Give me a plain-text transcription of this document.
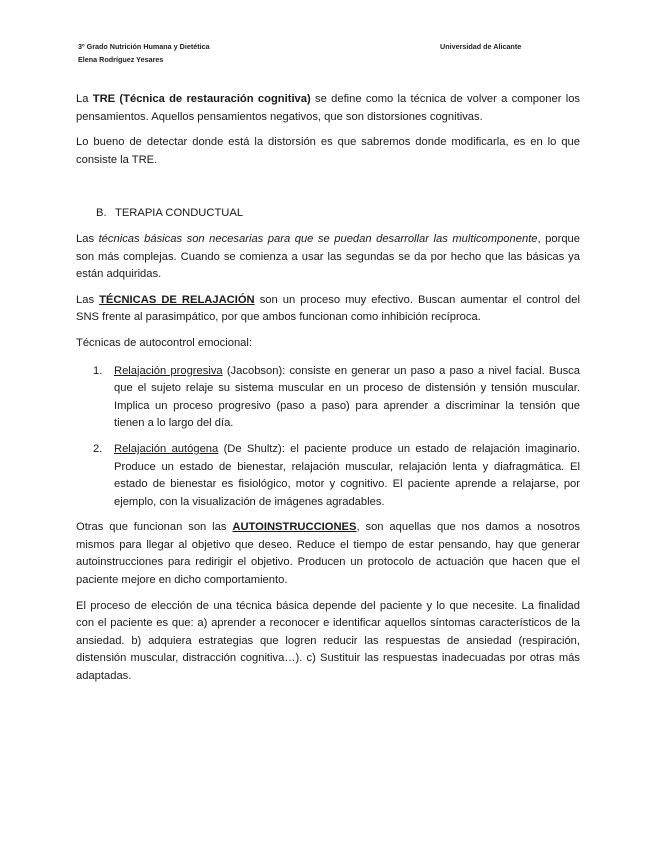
3º Grado Nutrición Humana y Dietética
Elena Rodríguez Yesares
Universidad de Alicante

La TRE (Técnica de restauración cognitiva) se define como la técnica de volver a componer los pensamientos. Aquellos pensamientos negativos, que son distorsiones cognitivas.

Lo bueno de detectar donde está la distorsión es que sabremos donde modificarla, es en lo que consiste la TRE.

B. TERAPIA CONDUCTUAL

Las técnicas básicas son necesarias para que se puedan desarrollar las multicomponente, porque son más complejas. Cuando se comienza a usar las segundas se da por hecho que las básicas ya están adquiridas.

Las TÉCNICAS DE RELAJACIÓN son un proceso muy efectivo. Buscan aumentar el control del SNS frente al parasimpático, por que ambos funcionan como inhibición recíproca.

Técnicas de autocontrol emocional:

1. Relajación progresiva (Jacobson): consiste en generar un paso a paso a nivel facial. Busca que el sujeto relaje su sistema muscular en un proceso de distensión y tensión muscular. Implica un proceso progresivo (paso a paso) para aprender a discriminar la tensión que tienen a lo largo del día.
2. Relajación autógena (De Shultz): el paciente produce un estado de relajación imaginario. Produce un estado de bienestar, relajación muscular, relajación lenta y diafragmática. El estado de bienestar es fisiológico, motor y cognitivo. El paciente aprende a relajarse, por ejemplo, con la visualización de imágenes agradables.

Otras que funcionan son las AUTOINSTRUCCIONES, son aquellas que nos damos a nosotros mismos para llegar al objetivo que deseo. Reduce el tiempo de estar pensando, hay que generar autoinstrucciones para redirigir el objetivo. Producen un protocolo de actuación que hacen que el paciente mejore en dicho comportamiento.

El proceso de elección de una técnica básica depende del paciente y lo que necesite. La finalidad con el paciente es que: a) aprender a reconocer e identificar aquellos síntomas característicos de la ansiedad. b) adquiera estrategias que logren reducir las respuestas de ansiedad (respiración, distensión muscular, distracción cognitiva…). c) Sustituir las respuestas inadecuadas por otras más adaptadas.
